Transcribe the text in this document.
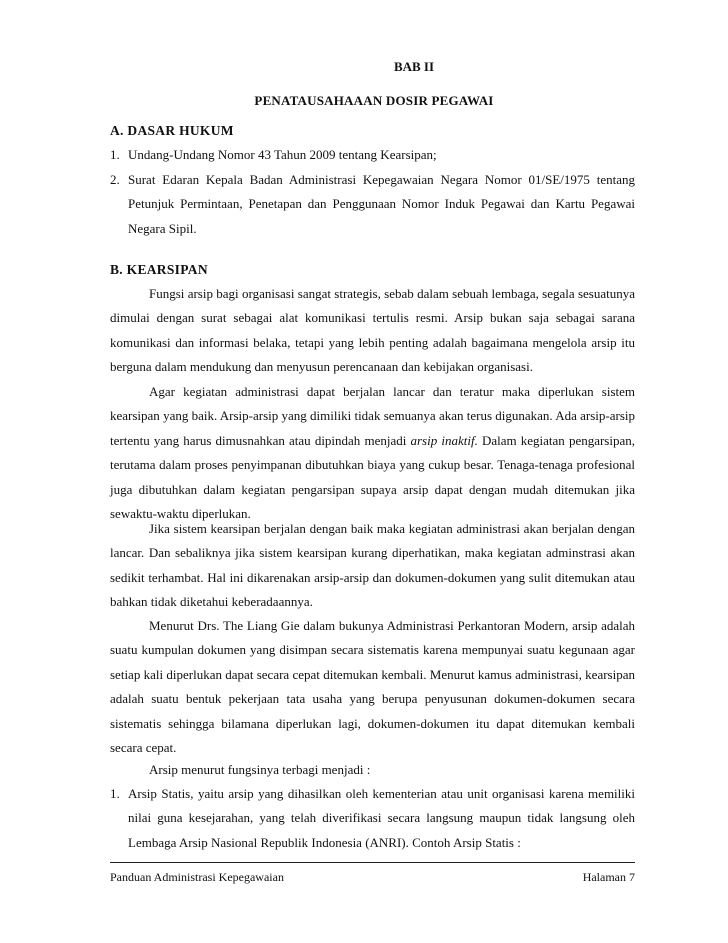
BAB II
PENATAUSAHAAAN DOSIR PEGAWAI
A. DASAR HUKUM
1. Undang-Undang Nomor 43 Tahun 2009 tentang Kearsipan;
2. Surat Edaran Kepala Badan Administrasi Kepegawaian Negara Nomor 01/SE/1975 tentang Petunjuk Permintaan, Penetapan dan Penggunaan Nomor Induk Pegawai dan Kartu Pegawai Negara Sipil.
B. KEARSIPAN
Fungsi arsip bagi organisasi sangat strategis, sebab dalam sebuah lembaga, segala sesuatunya dimulai dengan surat sebagai alat komunikasi tertulis resmi. Arsip bukan saja sebagai sarana komunikasi dan informasi belaka, tetapi yang lebih penting adalah bagaimana mengelola arsip itu berguna dalam mendukung dan menyusun perencanaan dan kebijakan organisasi.
Agar kegiatan administrasi dapat berjalan lancar dan teratur maka diperlukan sistem kearsipan yang baik. Arsip-arsip yang dimiliki tidak semuanya akan terus digunakan. Ada arsip-arsip tertentu yang harus dimusnahkan atau dipindah menjadi arsip inaktif. Dalam kegiatan pengarsipan, terutama dalam proses penyimpanan dibutuhkan biaya yang cukup besar. Tenaga-tenaga profesional juga dibutuhkan dalam kegiatan pengarsipan supaya arsip dapat dengan mudah ditemukan jika sewaktu-waktu diperlukan.
Jika sistem kearsipan berjalan dengan baik maka kegiatan administrasi akan berjalan dengan lancar. Dan sebaliknya jika sistem kearsipan kurang diperhatikan, maka kegiatan adminstrasi akan sedikit terhambat. Hal ini dikarenakan arsip-arsip dan dokumen-dokumen yang sulit ditemukan atau bahkan tidak diketahui keberadaannya.
Menurut Drs. The Liang Gie dalam bukunya Administrasi Perkantoran Modern, arsip adalah suatu kumpulan dokumen yang disimpan secara sistematis karena mempunyai suatu kegunaan agar setiap kali diperlukan dapat secara cepat ditemukan kembali. Menurut kamus administrasi, kearsipan adalah suatu bentuk pekerjaan tata usaha yang berupa penyusunan dokumen-dokumen secara sistematis sehingga bilamana diperlukan lagi, dokumen-dokumen itu dapat ditemukan kembali secara cepat.
Arsip menurut fungsinya terbagi menjadi :
1. Arsip Statis, yaitu arsip yang dihasilkan oleh kementerian atau unit organisasi karena memiliki nilai guna kesejarahan, yang telah diverifikasi secara langsung maupun tidak langsung oleh Lembaga Arsip Nasional Republik Indonesia (ANRI). Contoh Arsip Statis :
Panduan Administrasi Kepegawaian	Halaman 7
